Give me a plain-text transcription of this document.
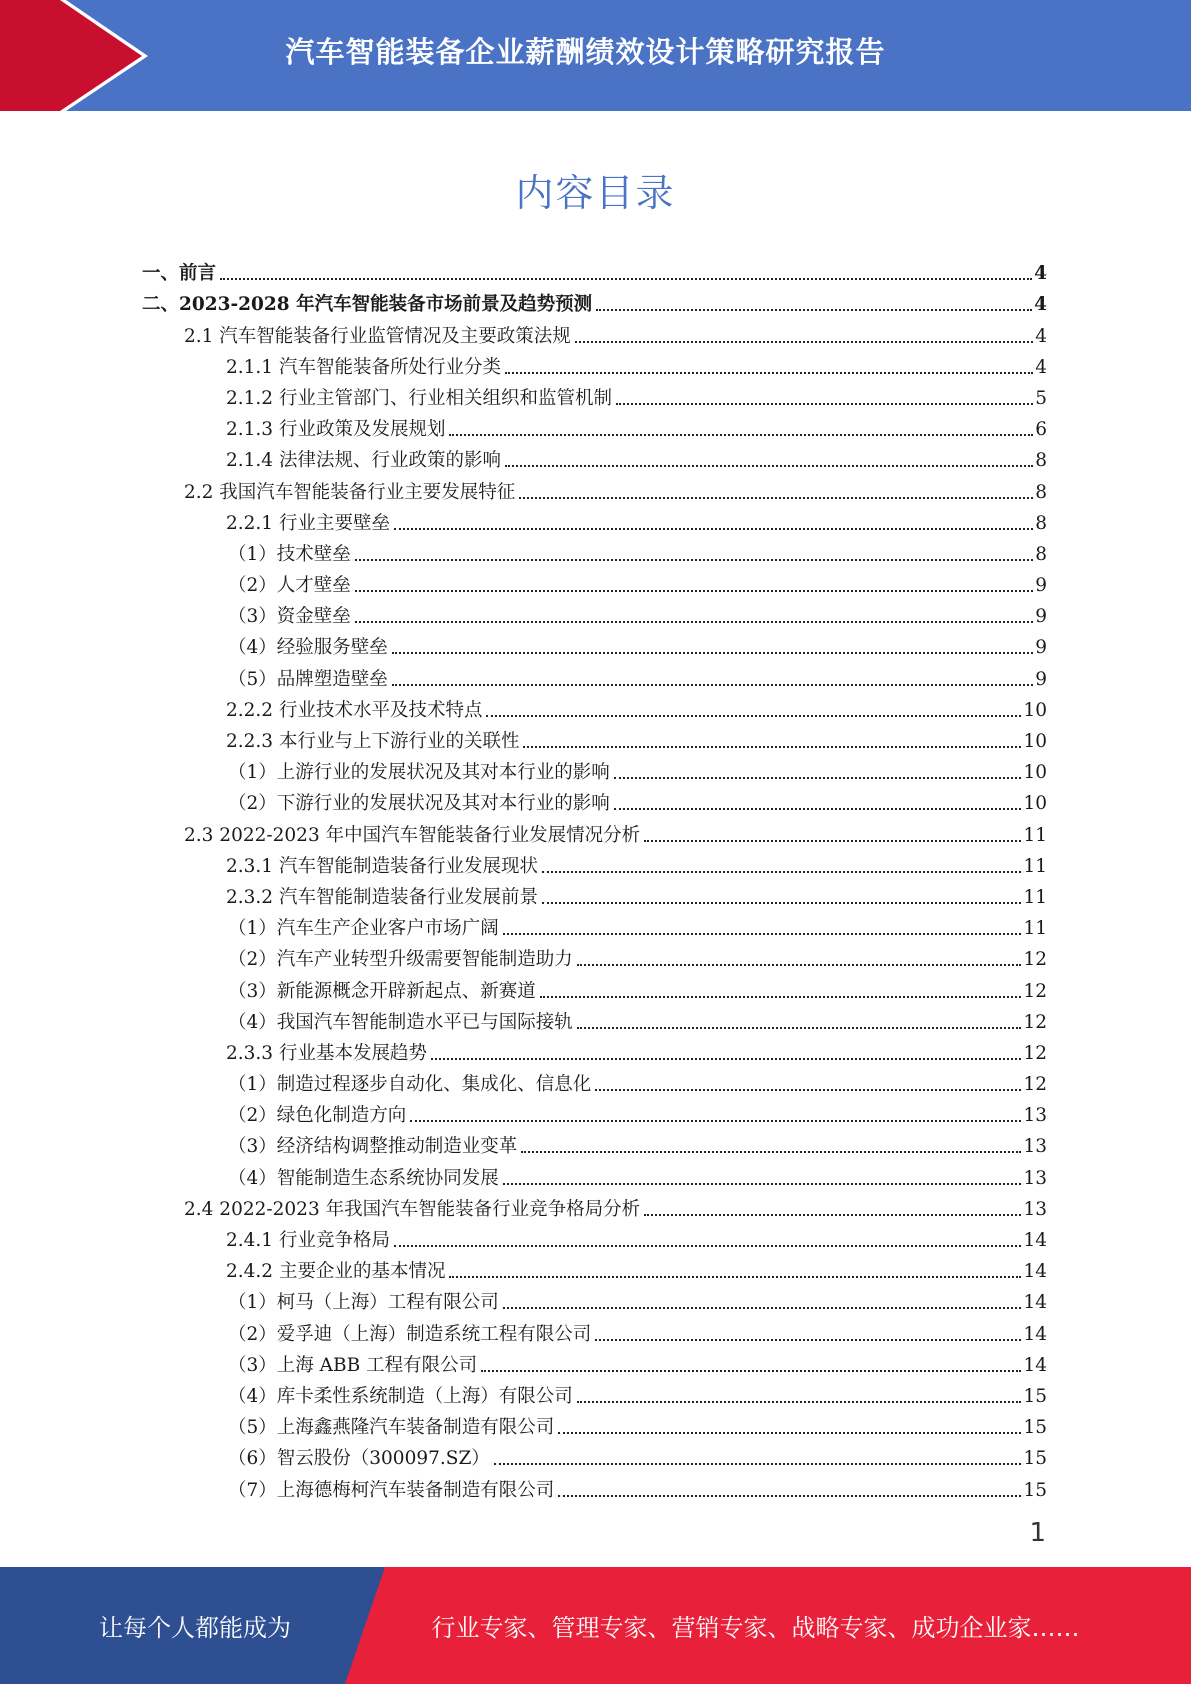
汽车智能装备企业薪酬绩效设计策略研究报告
内容目录
一、前言	4
二、2023-2028 年汽车智能装备市场前景及趋势预测	4
2.1 汽车智能装备行业监管情况及主要政策法规	4
2.1.1 汽车智能装备所处行业分类	4
2.1.2 行业主管部门、行业相关组织和监管机制	5
2.1.3 行业政策及发展规划	6
2.1.4 法律法规、行业政策的影响	8
2.2 我国汽车智能装备行业主要发展特征	8
2.2.1 行业主要壁垒	8
（1）技术壁垒	8
（2）人才壁垒	9
（3）资金壁垒	9
（4）经验服务壁垒	9
（5）品牌塑造壁垒	9
2.2.2 行业技术水平及技术特点	10
2.2.3 本行业与上下游行业的关联性	10
（1）上游行业的发展状况及其对本行业的影响	10
（2）下游行业的发展状况及其对本行业的影响	10
2.3 2022-2023 年中国汽车智能装备行业发展情况分析	11
2.3.1 汽车智能制造装备行业发展现状	11
2.3.2 汽车智能制造装备行业发展前景	11
（1）汽车生产企业客户市场广阔	11
（2）汽车产业转型升级需要智能制造助力	12
（3）新能源概念开辟新起点、新赛道	12
（4）我国汽车智能制造水平已与国际接轨	12
2.3.3 行业基本发展趋势	12
（1）制造过程逐步自动化、集成化、信息化	12
（2）绿色化制造方向	13
（3）经济结构调整推动制造业变革	13
（4）智能制造生态系统协同发展	13
2.4 2022-2023 年我国汽车智能装备行业竞争格局分析	13
2.4.1 行业竞争格局	14
2.4.2 主要企业的基本情况	14
（1）柯马（上海）工程有限公司	14
（2）爱孚迪（上海）制造系统工程有限公司	14
（3）上海 ABB 工程有限公司	14
（4）库卡柔性系统制造（上海）有限公司	15
（5）上海鑫燕隆汽车装备制造有限公司	15
（6）智云股份（300097.SZ）	15
（7）上海德梅柯汽车装备制造有限公司	15
1
让每个人都能成为	行业专家、管理专家、营销专家、战略专家、成功企业家……
